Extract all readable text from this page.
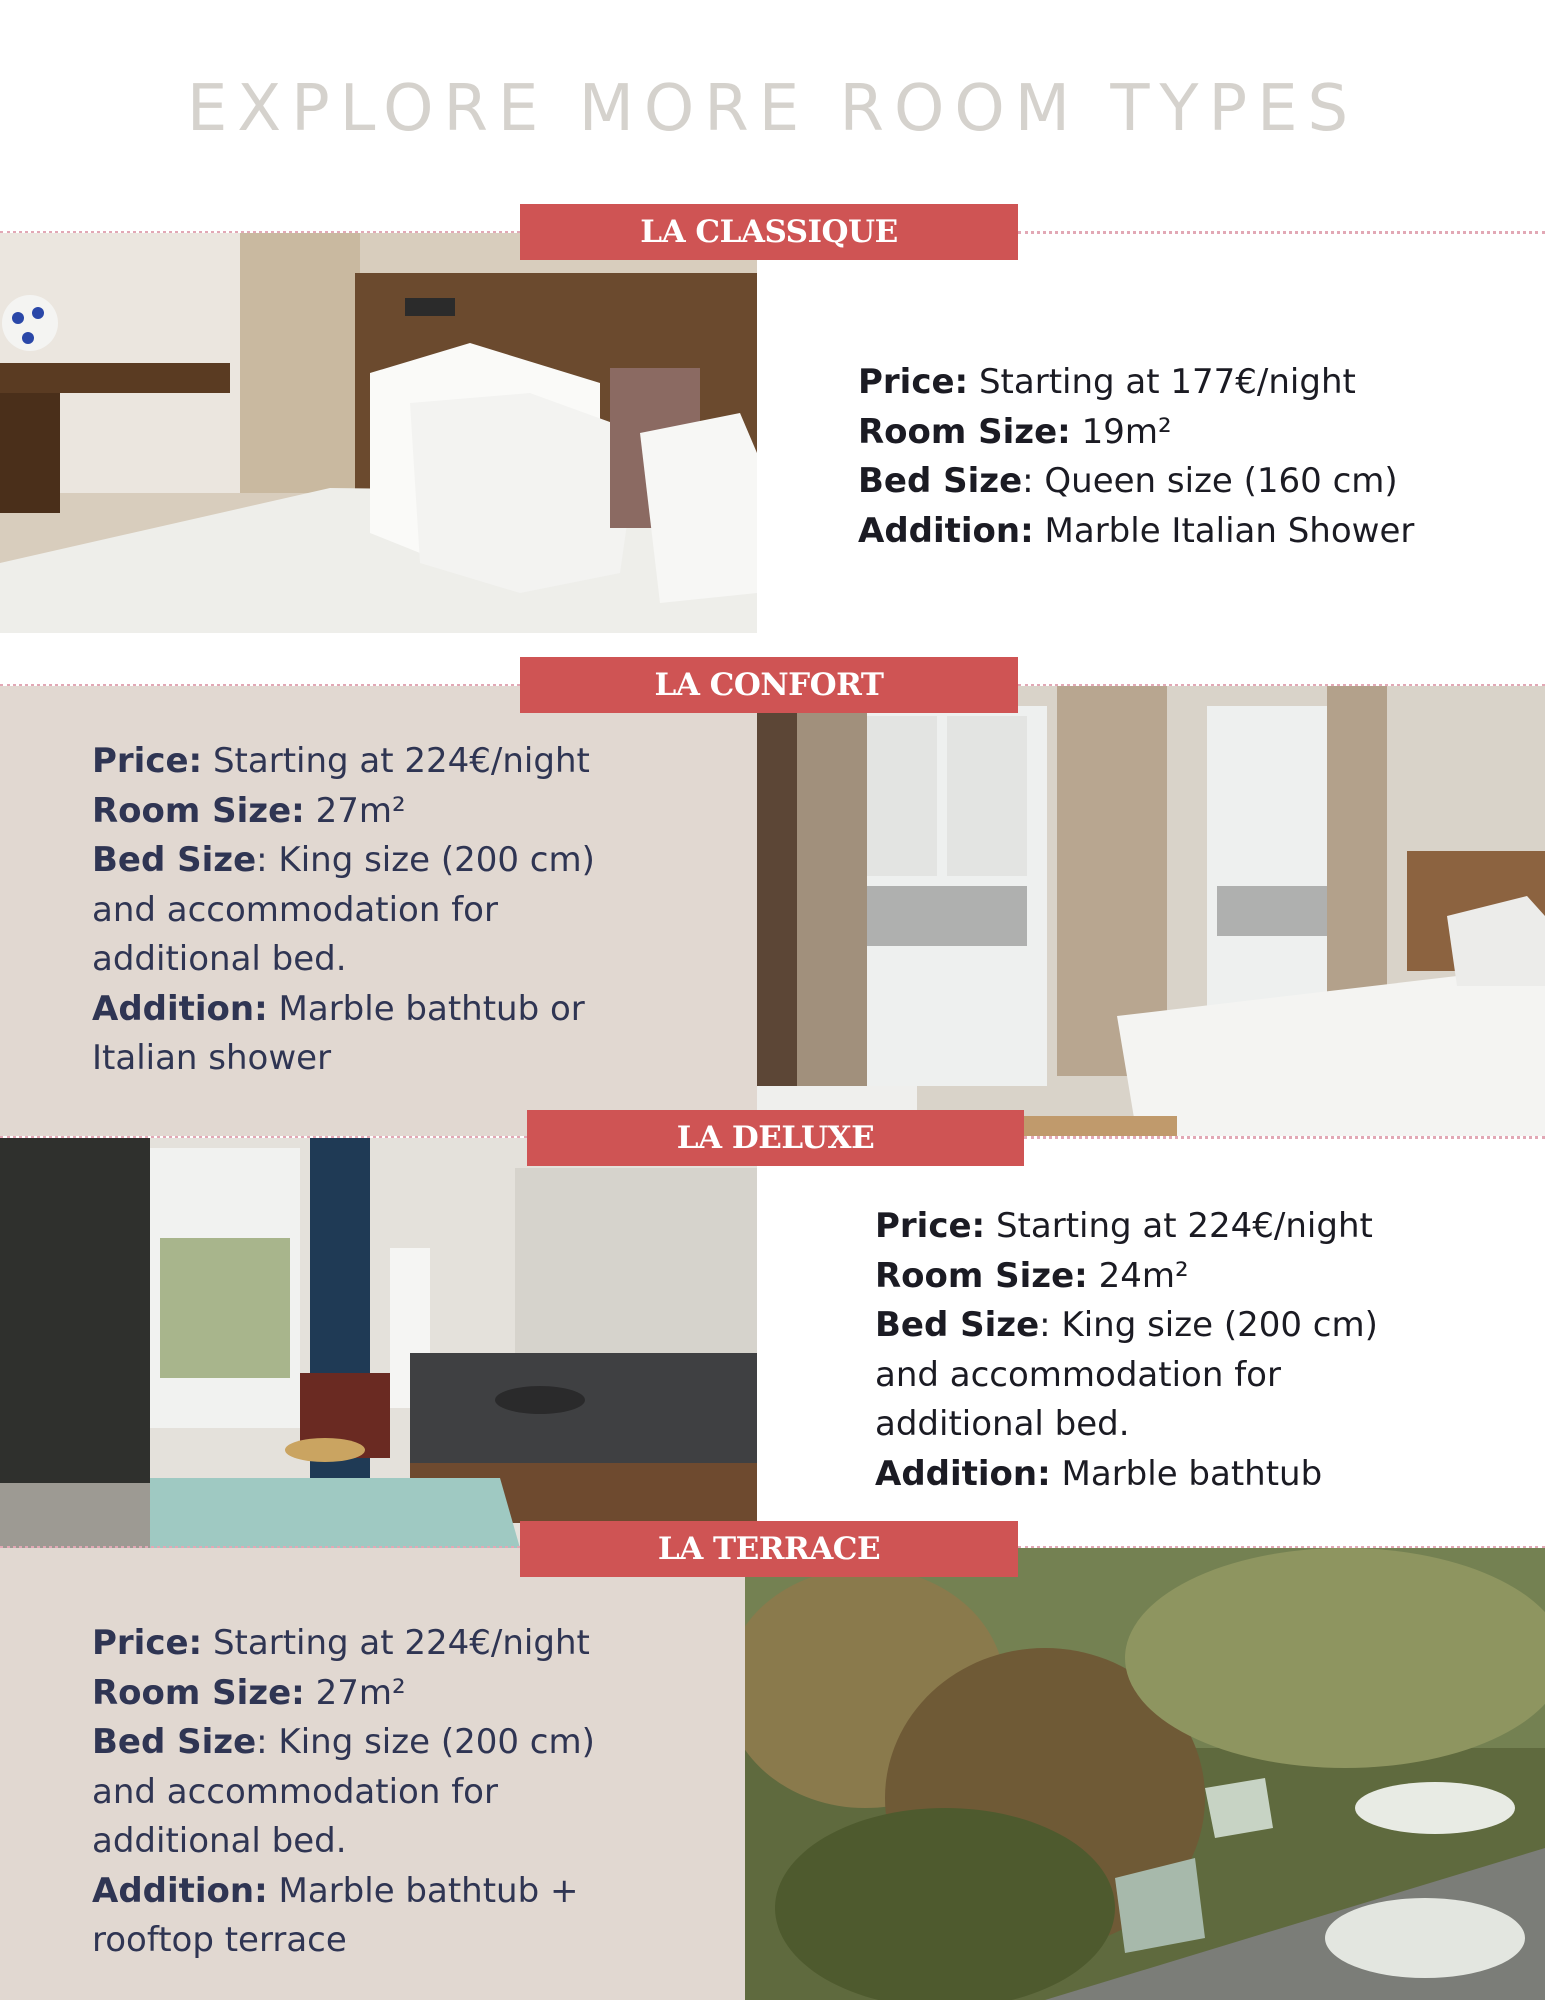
EXPLORE MORE ROOM TYPES
LA CLASSIQUE

Price: Starting at 177€/night

Room Size: 19m²

Bed Size: Queen size (160 cm)

Addition: Marble Italian Shower

LA CONFORT

Price: Starting at 224€/night

Room Size: 27m²

Bed Size: King size (200 cm)

and accommodation for

additional bed.

Addition: Marble bathtub or

Italian shower

LA DELUXE

Price: Starting at 224€/night

Room Size: 24m²

Bed Size: King size (200 cm)

and accommodation for

additional bed.

Addition: Marble bathtub

LA TERRACE

Price: Starting at 224€/night

Room Size: 27m²

Bed Size: King size (200 cm)

and accommodation for

additional bed.

Addition: Marble bathtub +

rooftop terrace
